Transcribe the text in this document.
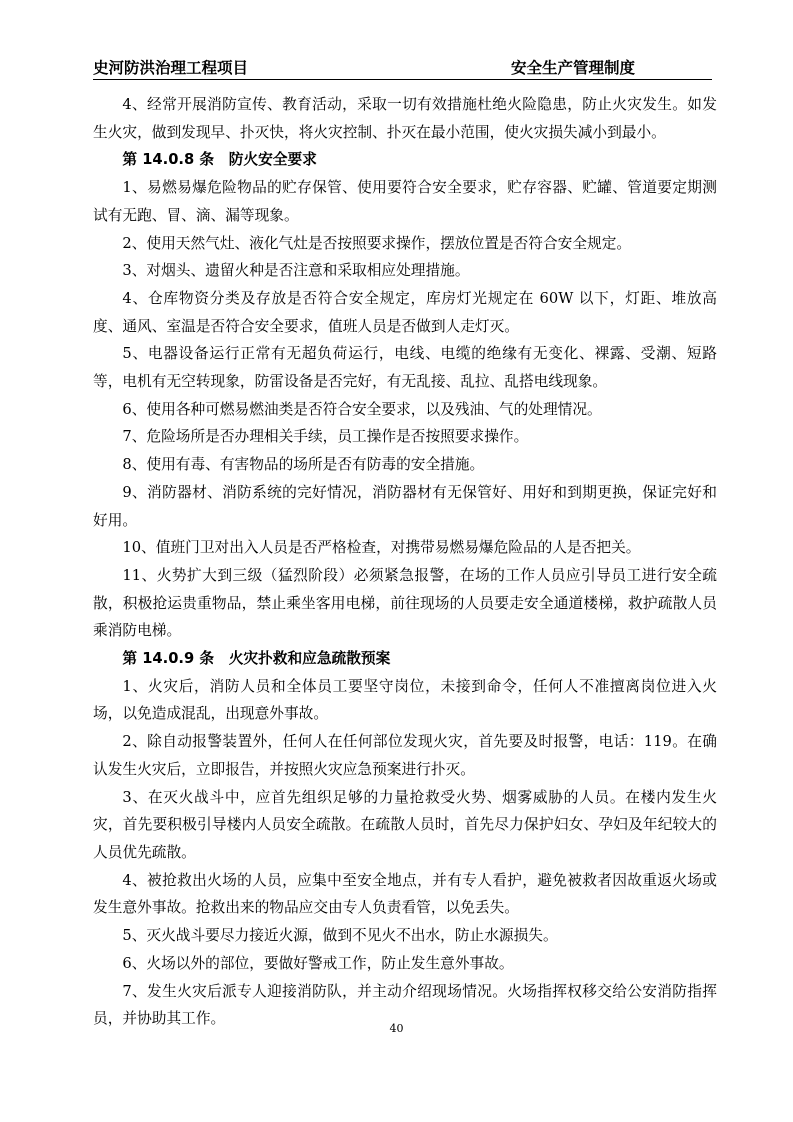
史河防洪治理工程项目	安全生产管理制度

4、经常开展消防宣传、教育活动，采取一切有效措施杜绝火险隐患，防止火灾发生。如发生火灾，做到发现早、扑灭快，将火灾控制、扑灭在最小范围，使火灾损失减小到最小。

第 14.0.8 条　防火安全要求

1、易燃易爆危险物品的贮存保管、使用要符合安全要求，贮存容器、贮罐、管道要定期测试有无跑、冒、滴、漏等现象。

2、使用天然气灶、液化气灶是否按照要求操作，摆放位置是否符合安全规定。

3、对烟头、遗留火种是否注意和采取相应处理措施。

4、仓库物资分类及存放是否符合安全规定，库房灯光规定在 60W 以下，灯距、堆放高度、通风、室温是否符合安全要求，值班人员是否做到人走灯灭。

5、电器设备运行正常有无超负荷运行，电线、电缆的绝缘有无变化、裸露、受潮、短路等，电机有无空转现象，防雷设备是否完好，有无乱接、乱拉、乱搭电线现象。

6、使用各种可燃易燃油类是否符合安全要求，以及残油、气的处理情况。

7、危险场所是否办理相关手续，员工操作是否按照要求操作。

8、使用有毒、有害物品的场所是否有防毒的安全措施。

9、消防器材、消防系统的完好情况，消防器材有无保管好、用好和到期更换，保证完好和好用。

10、值班门卫对出入人员是否严格检查，对携带易燃易爆危险品的人是否把关。

11、火势扩大到三级（猛烈阶段）必须紧急报警，在场的工作人员应引导员工进行安全疏散，积极抢运贵重物品，禁止乘坐客用电梯，前往现场的人员要走安全通道楼梯，救护疏散人员乘消防电梯。

第 14.0.9 条　火灾扑救和应急疏散预案

1、火灾后，消防人员和全体员工要坚守岗位，未接到命令，任何人不准擅离岗位进入火场，以免造成混乱，出现意外事故。

2、除自动报警装置外，任何人在任何部位发现火灾，首先要及时报警，电话：119。在确认发生火灾后，立即报告，并按照火灾应急预案进行扑灭。

3、在灭火战斗中，应首先组织足够的力量抢救受火势、烟雾威胁的人员。在楼内发生火灾，首先要积极引导楼内人员安全疏散。在疏散人员时，首先尽力保护妇女、孕妇及年纪较大的人员优先疏散。

4、被抢救出火场的人员，应集中至安全地点，并有专人看护，避免被救者因故重返火场或发生意外事故。抢救出来的物品应交由专人负责看管，以免丢失。

5、灭火战斗要尽力接近火源，做到不见火不出水，防止水源损失。

6、火场以外的部位，要做好警戒工作，防止发生意外事故。

7、发生火灾后派专人迎接消防队，并主动介绍现场情况。火场指挥权移交给公安消防指挥员，并协助其工作。

40
